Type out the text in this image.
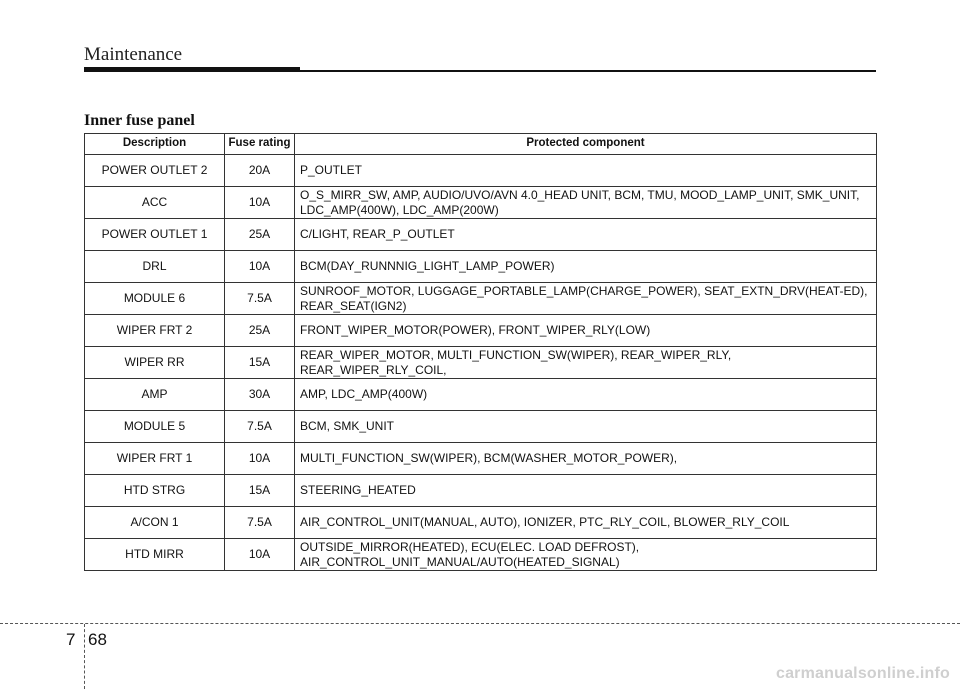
Maintenance
Inner fuse panel
Description	Fuse rating	Protected component
POWER OUTLET 2	20A	P_OUTLET
ACC	10A	O_S_MIRR_SW, AMP, AUDIO/UVO/AVN 4.0_HEAD UNIT, BCM, TMU, MOOD_LAMP_UNIT, SMK_UNIT, LDC_AMP(400W), LDC_AMP(200W)
POWER OUTLET 1	25A	C/LIGHT, REAR_P_OUTLET
DRL	10A	BCM(DAY_RUNNNIG_LIGHT_LAMP_POWER)
MODULE 6	7.5A	SUNROOF_MOTOR, LUGGAGE_PORTABLE_LAMP(CHARGE_POWER), SEAT_EXTN_DRV(HEAT-ED), REAR_SEAT(IGN2)
WIPER FRT 2	25A	FRONT_WIPER_MOTOR(POWER), FRONT_WIPER_RLY(LOW)
WIPER RR	15A	REAR_WIPER_MOTOR, MULTI_FUNCTION_SW(WIPER), REAR_WIPER_RLY, REAR_WIPER_RLY_COIL,
AMP	30A	AMP, LDC_AMP(400W)
MODULE 5	7.5A	BCM, SMK_UNIT
WIPER FRT 1	10A	MULTI_FUNCTION_SW(WIPER), BCM(WASHER_MOTOR_POWER),
HTD STRG	15A	STEERING_HEATED
A/CON 1	7.5A	AIR_CONTROL_UNIT(MANUAL, AUTO), IONIZER, PTC_RLY_COIL, BLOWER_RLY_COIL
HTD MIRR	10A	OUTSIDE_MIRROR(HEATED), ECU(ELEC. LOAD DEFROST), AIR_CONTROL_UNIT_MANUAL/AUTO(HEATED_SIGNAL)
7 68
carmanualsonline.info
